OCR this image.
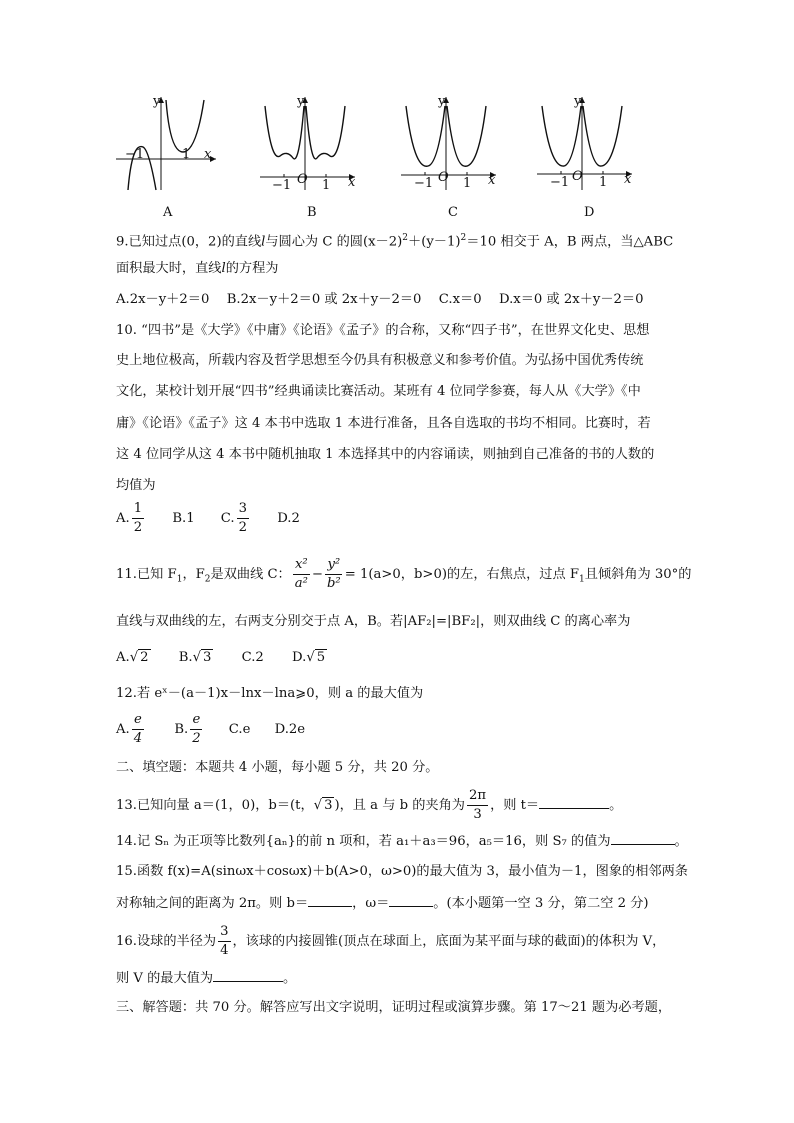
y
x
−1	1
A
y
x
−1 O 1
B
y
x
−1 O 1
C
y
x
−1 O 1
D
9.已知过点(0，2)的直线l与圆心为 C 的圆$(x-2)^2+(y-1)^2=10$ 相交于 A，B 两点，当△ABC
面积最大时，直线l的方程为
A.2x－y＋2＝0　 B.2x－y＋2＝0 或 2x＋y－2＝0　 C.x＝0　 D.x＝0 或 2x＋y－2＝0
10. “四书”是《大学》《中庸》《论语》《孟子》的合称，又称“四子书”，在世界文化史、思想
史上地位极高，所载内容及哲学思想至今仍具有积极意义和参考价值。为弘扬中国优秀传统
文化，某校计划开展“四书”经典诵读比赛活动。某班有 4 位同学参赛，每人从《大学》《中
庸》《论语》《孟子》这 4 本书中选取 1 本进行准备，且各自选取的书均不相同。比赛时，若
这 4 位同学从这 4 本书中随机抽取 1 本选择其中的内容诵读，则抽到自己准备的书的人数的
均值为
A. $\frac{1}{2} B.1$ C. $\frac{3}{2} D.2$
11.已知 $F_1$，$F_2$是双曲线 C： $\frac{\text{x²}}{\text{a²}} - \frac{\text{y²}}{\text{b²}} = 1(a>0$，b>0)的左，右焦点，过点 $F_1$且倾斜角为 30°的
直线与双曲线的左，右两支分别交于点 A，B。若|AF₂|=|BF₂|，则双曲线 C 的离心率为
A.√ 2 B.√ 3 C.2 D.√ 5
12.若 eˣ－(a－1)x－lnx－lna⩾0，则 a 的最大值为
A. $\frac{e}{4} B$. $\frac{e}{2} C.e$ D.2e
二、填空题：本题共 4 小题，每小题 5 分，共 20 分。
13.已知向量 a＝(1，0)，b＝(t，√ 3 )，且 a 与 b 的夹角为 $\frac{2\pi}{3}$ ，则 t＝	。
14.记 Sₙ 为正项等比数列{aₙ}的前 n 项和，若 a₁＋a₃＝96，a₅＝16，则 S₇ 的值为	。
15.函数 f(x)=A(sinωx＋cosωx)＋b(A>0，ω>0)的最大值为 3，最小值为－1，图象的相邻两条
对称轴之间的距离为 2π。则 b＝	，ω＝	。(本小题第一空 3 分，第二空 2 分)
16.设球的半径为 $\frac{3}{4}$ ，该球的内接圆锥(顶点在球面上，底面为某平面与球的截面)的体积为 V，
则 V 的最大值为	。
三、解答题：共 70 分。解答应写出文字说明，证明过程或演算步骤。第 17～21 题为必考题，
